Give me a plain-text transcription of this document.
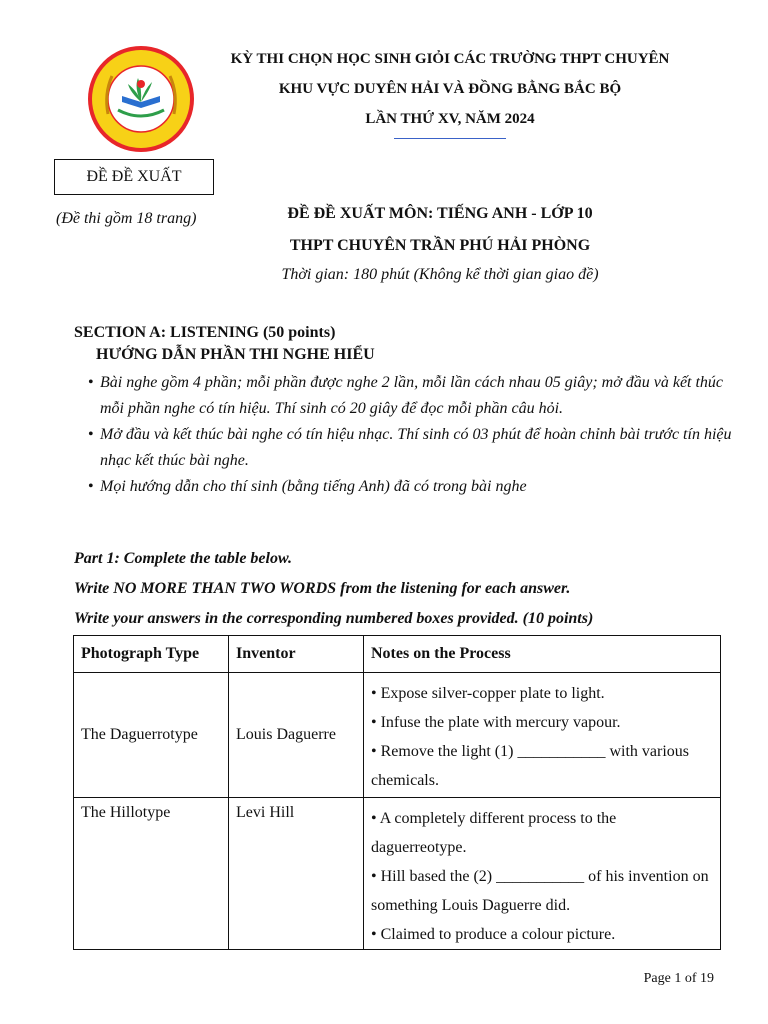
KỲ THI CHỌN HỌC SINH GIỎI CÁC TRƯỜNG THPT CHUYÊN
KHU VỰC DUYÊN HẢI VÀ ĐỒNG BẰNG BẮC BỘ
LẦN THỨ XV, NĂM 2024
ĐỀ ĐỀ XUẤT
(Đề thi gồm 18 trang)	ĐỀ ĐỀ XUẤT MÔN: TIẾNG ANH - LỚP 10
THPT CHUYÊN TRẦN PHÚ HẢI PHÒNG
Thời gian: 180 phút (Không kể thời gian giao đề)
SECTION A: LISTENING (50 points)
HƯỚNG DẪN PHẦN THI NGHE HIỂU
• Bài nghe gồm 4 phần; mỗi phần được nghe 2 lần, mỗi lần cách nhau 05 giây; mở đầu và kết thúc mỗi phần nghe có tín hiệu. Thí sinh có 20 giây để đọc mỗi phần câu hỏi.
• Mở đầu và kết thúc bài nghe có tín hiệu nhạc. Thí sinh có 03 phút để hoàn chỉnh bài trước tín hiệu nhạc kết thúc bài nghe.
• Mọi hướng dẫn cho thí sinh (bằng tiếng Anh) đã có trong bài nghe
Part 1: Complete the table below.
Write NO MORE THAN TWO WORDS from the listening for each answer.
Write your answers in the corresponding numbered boxes provided. (10 points)
Photograph Type	Inventor	Notes on the Process
The Daguerrotype	Louis Daguerre	• Expose silver-copper plate to light.
• Infuse the plate with mercury vapour.
• Remove the light (1) ___________ with various chemicals.

The Hillotype	Levi Hill	• A completely different process to the daguerreotype.
• Hill based the (2) ___________ of his invention on something Louis Daguerre did.
• Claimed to produce a colour picture.
Page 1 of 19
